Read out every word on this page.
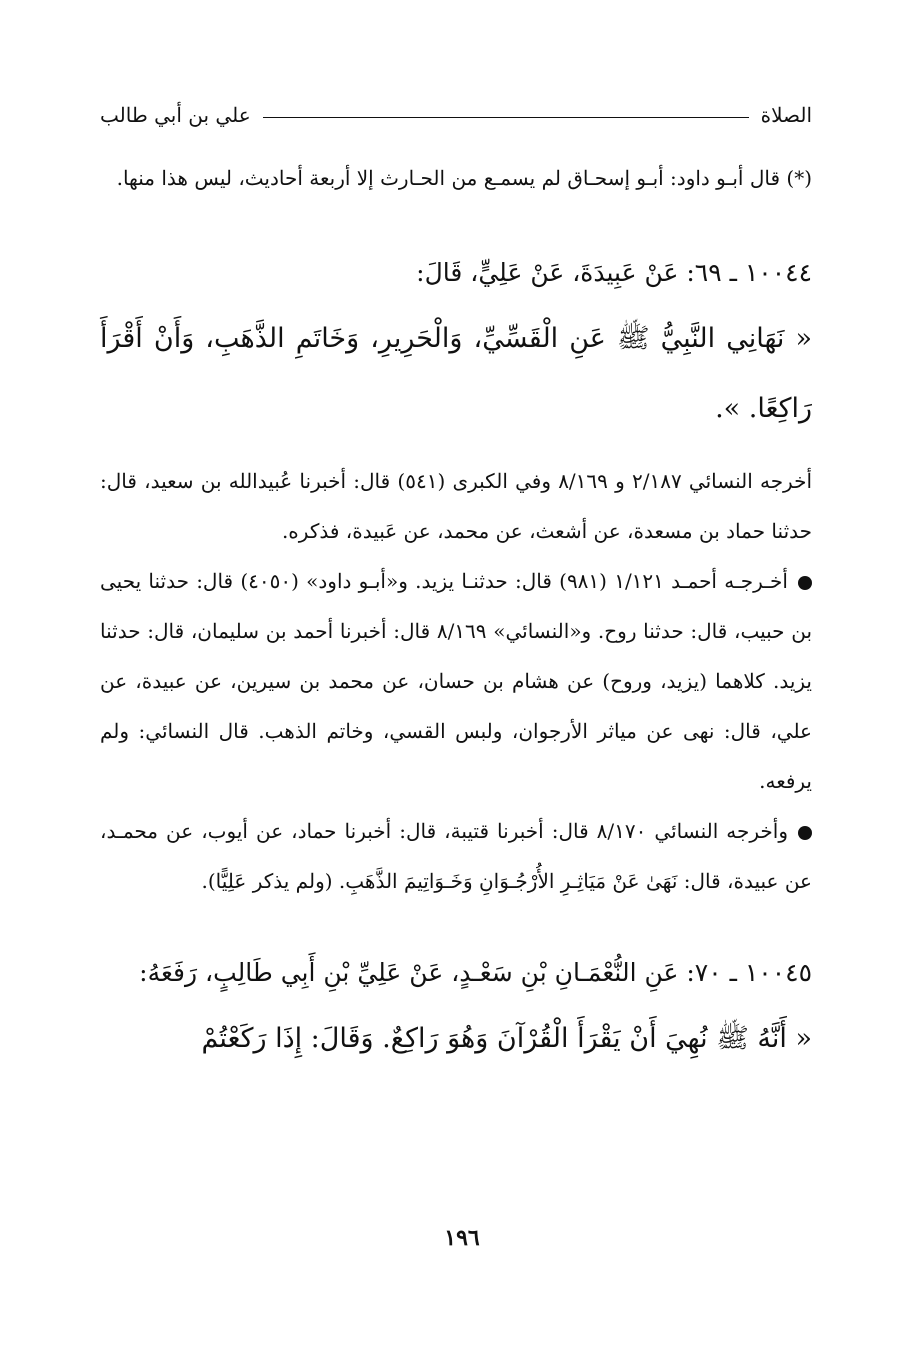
الصلاة
علي بن أبي طالب
(*) قال أبـو داود: أبـو إسحـاق لم يسمـع من الحـارث إلا أربعة أحاديث، ليس هذا منها.
١٠٠٤٤ ـ ٦٩: عَنْ عَبِيدَةَ، عَنْ عَلِيٍّ، قَالَ:
« نَهَانِي النَّبِيُّ ﷺ عَنِ الْقَسِّيِّ، وَالْحَرِيرِ، وَخَاتَمِ الذَّهَبِ، وَأَنْ أَقْرَأَ رَاكِعًا. ».

أخرجه النسائي ٢/١٨٧ و ٨/١٦٩ وفي الكبرى (٥٤١) قال: أخبرنا عُبيدالله بن سعيد، قال: حدثنا حماد بن مسعدة، عن أشعث، عن محمد، عن عَبيدة، فذكره.

أخـرجـه أحمـد ١/١٢١ (٩٨١) قال: حدثنـا يزيد. و«أبـو داود» (٤٠٥٠) قال: حدثنا يحيى بن حبيب، قال: حدثنا روح. و«النسائي» ٨/١٦٩ قال: أخبرنا أحمد بن سليمان، قال: حدثنا يزيد. كلاهما (يزيد، وروح) عن هشام بن حسان، عن محمد بن سيرين، عن عبيدة، عن علي، قال: نهى عن مياثر الأرجوان، ولبس القسي، وخاتم الذهب. قال النسائي: ولم يرفعه.

وأخرجه النسائي ٨/١٧٠ قال: أخبرنا قتيبة، قال: أخبرنا حماد، عن أيوب، عن محمـد، عن عبيدة، قال: نَهَىٰ عَنْ مَيَاثِـرِ الأُرْجُـوَانِ وَخَـوَاتِيمَ الذَّهَبِ. (ولم يذكر عَلِيًّا).

١٠٠٤٥ ـ ٧٠: عَنِ النُّعْمَـانِ بْنِ سَعْـدٍ، عَنْ عَلِيِّ بْنِ أَبِي طَالِبٍ، رَفَعَهُ:
« أَنَّهُ ﷺ نُهِيَ أَنْ يَقْرَأَ الْقُرْآنَ وَهُوَ رَاكِعٌ. وَقَالَ: إِذَا رَكَعْتُمْ
١٩٦
